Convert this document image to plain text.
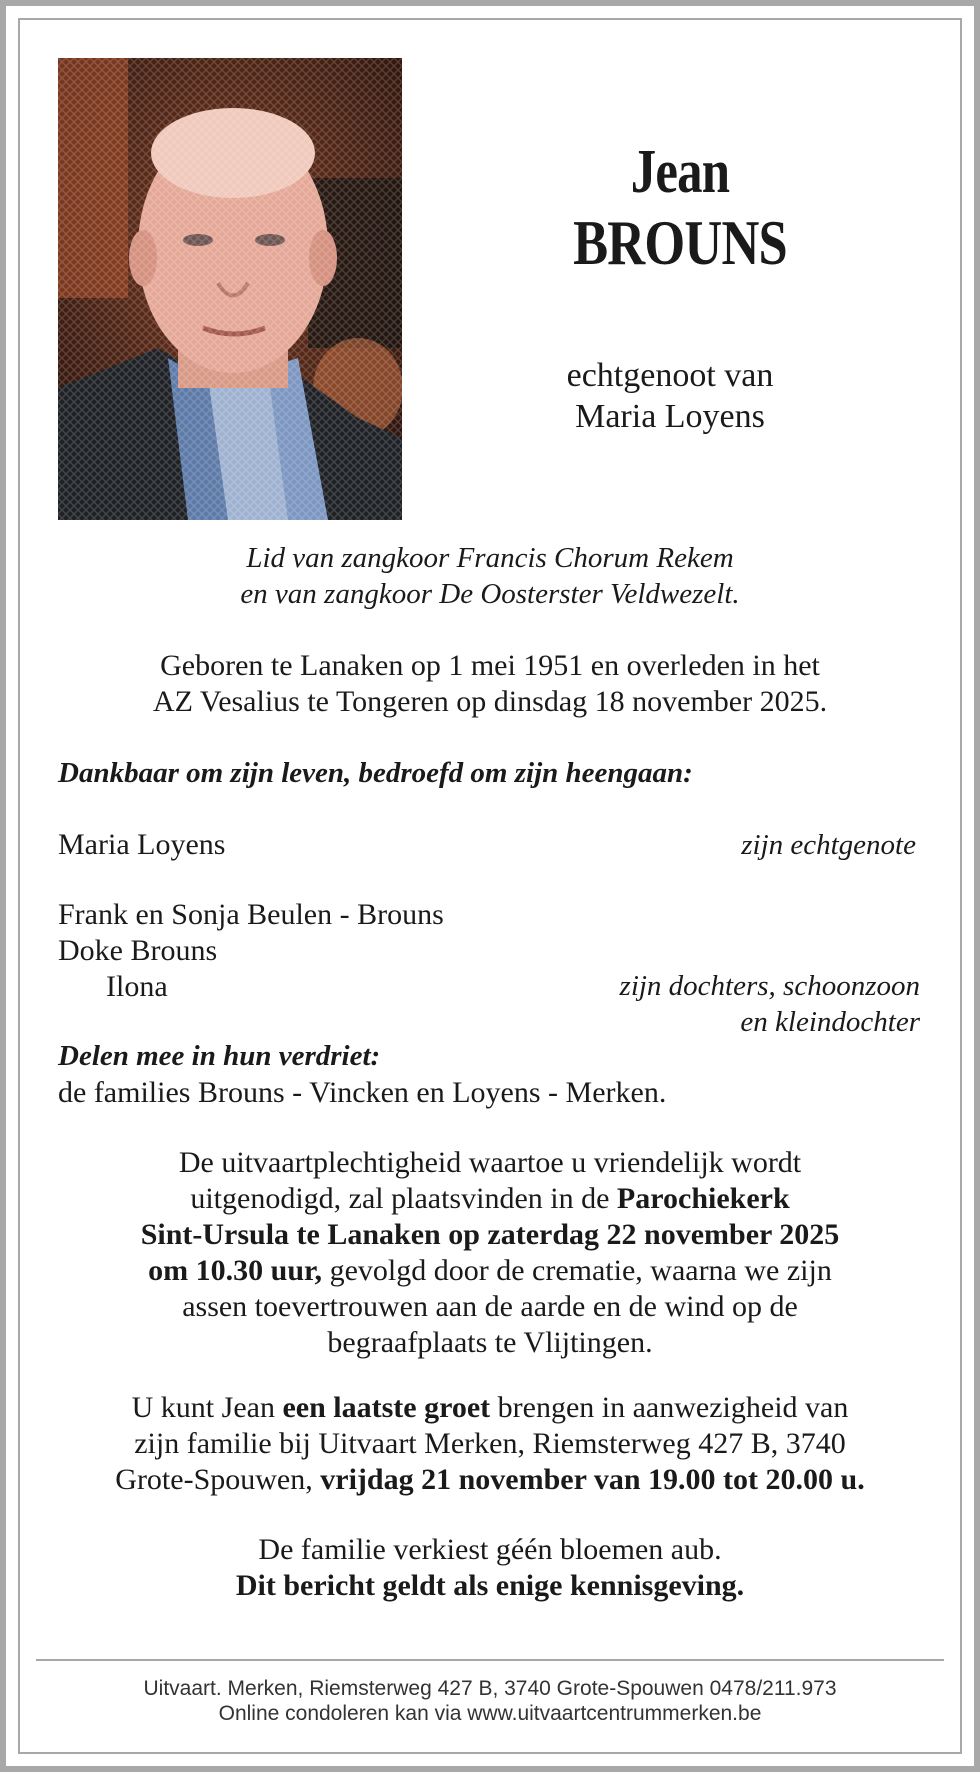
Jean
BROUNS
echtgenoot van
Maria Loyens
Lid van zangkoor Francis Chorum Rekem
en van zangkoor De Oosterster Veldwezelt.
Geboren te Lanaken op 1 mei 1951 en overleden in het
AZ Vesalius te Tongeren op dinsdag 18 november 2025.
Dankbaar om zijn leven, bedroefd om zijn heengaan:
Maria Loyens	zijn echtgenote
Frank en Sonja Beulen - Brouns
Doke Brouns
Ilona	zijn dochters, schoonzoon
en kleindochter
Delen mee in hun verdriet:
de families Brouns - Vincken en Loyens - Merken.
De uitvaartplechtigheid waartoe u vriendelijk wordt
uitgenodigd, zal plaatsvinden in de Parochiekerk
Sint-Ursula te Lanaken op zaterdag 22 november 2025
om 10.30 uur, gevolgd door de crematie, waarna we zijn
assen toevertrouwen aan de aarde en de wind op de
begraafplaats te Vlijtingen.
U kunt Jean een laatste groet brengen in aanwezigheid van
zijn familie bij Uitvaart Merken, Riemsterweg 427 B, 3740
Grote-Spouwen, vrijdag 21 november van 19.00 tot 20.00 u.
De familie verkiest géén bloemen aub.
Dit bericht geldt als enige kennisgeving.
Uitvaart. Merken, Riemsterweg 427 B, 3740 Grote-Spouwen 0478/211.973
Online condoleren kan via www.uitvaartcentrummerken.be
